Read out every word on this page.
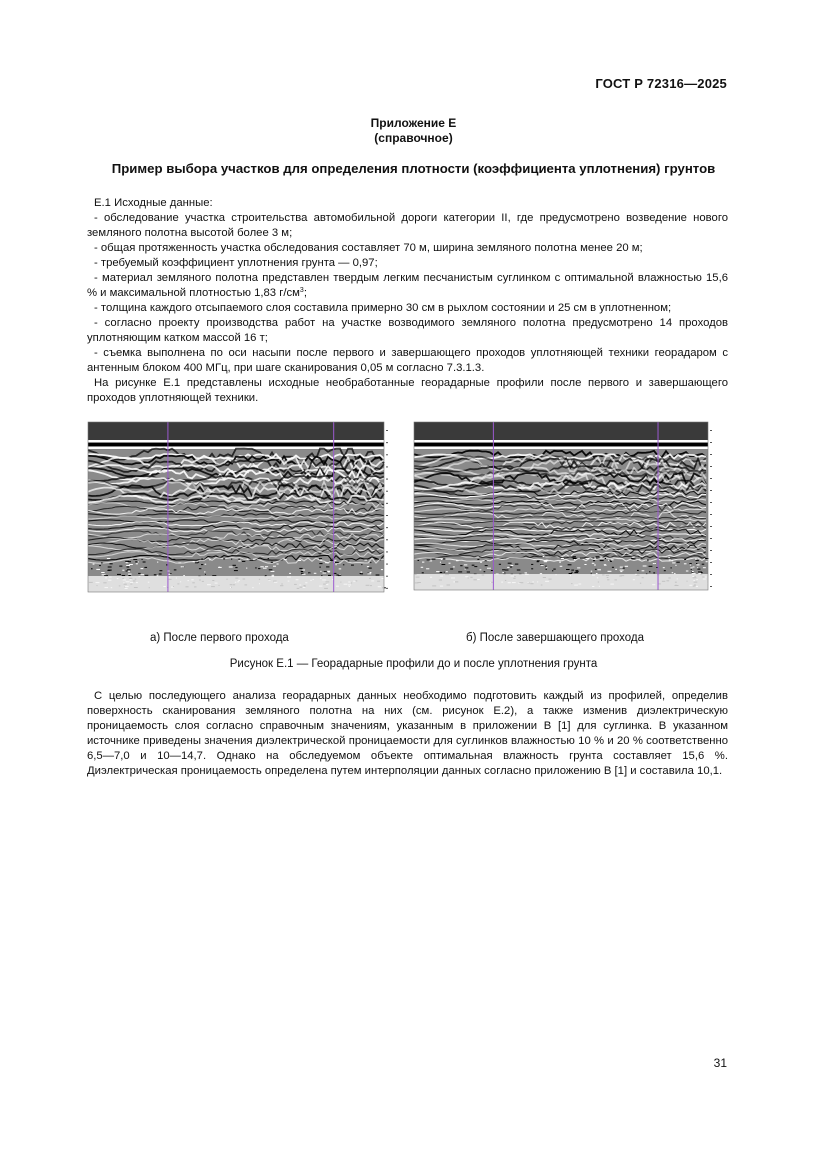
ГОСТ Р 72316—2025
Приложение Е
(справочное)
Пример выбора участков для определения плотности (коэффициента уплотнения) грунтов

Е.1 Исходные данные:

- обследование участка строительства автомобильной дороги категории II, где предусмотрено возведение нового земляного полотна высотой более 3 м;

- общая протяженность участка обследования составляет 70 м, ширина земляного полотна менее 20 м;

- требуемый коэффициент уплотнения грунта — 0,97;

- материал земляного полотна представлен твердым легким песчанистым суглинком с оптимальной влажностью 15,6 % и максимальной плотностью 1,83 $г/см^3$;

- толщина каждого отсыпаемого слоя составила примерно 30 см в рыхлом состоянии и 25 см в уплотненном;

- согласно проекту производства работ на участке возводимого земляного полотна предусмотрено 14 проходов уплотняющим катком массой 16 т;

- съемка выполнена по оси насыпи после первого и завершающего проходов уплотняющей техники георадаром с антенным блоком 400 МГц, при шаге сканирования 0,05 м согласно 7.3.1.3.

На рисунке Е.1 представлены исходные необработанные георадарные профили после первого и завершающего проходов уплотняющей техники.

а) После первого прохода	б) После завершающего прохода
Рисунок Е.1 — Георадарные профили до и после уплотнения грунта

С целью последующего анализа георадарных данных необходимо подготовить каждый из профилей, определив поверхность сканирования земляного полотна на них (см. рисунок Е.2), а также изменив диэлектрическую проницаемость слоя согласно справочным значениям, указанным в приложении В [1] для суглинка. В указанном источнике приведены значения диэлектрической проницаемости для суглинков влажностью 10 % и 20 % соответственно 6,5—7,0 и 10—14,7. Однако на обследуемом объекте оптимальная влажность грунта составляет 15,6 %. Диэлектрическая проницаемость определена путем интерполяции данных согласно приложению В [1] и составила 10,1.

31
